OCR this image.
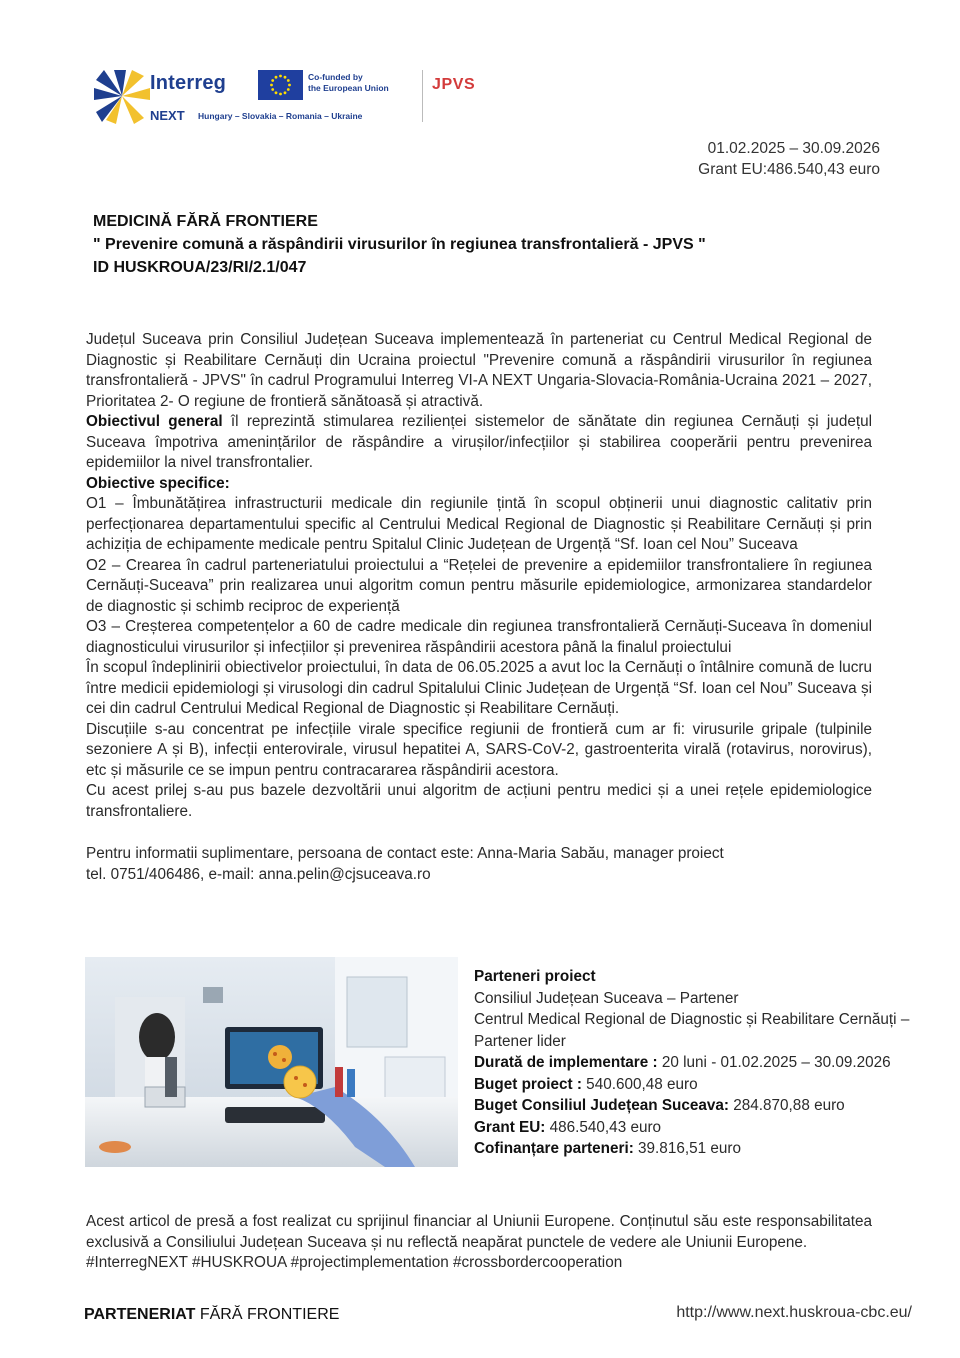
Interreg
NEXT Hungary – Slovakia – Romania – Ukraine
Co-funded by
the European Union	JPVS
01.02.2025 – 30.09.2026
Grant EU:486.540,43 euro
MEDICINĂ FĂRĂ FRONTIERE
" Prevenire comună a răspândirii virusurilor în regiunea transfrontalieră - JPVS "
ID HUSKROUA/23/RI/2.1/047

Județul Suceava prin Consiliul Județean Suceava implementează în parteneriat cu Centrul Medical Regional de Diagnostic și Reabilitare Cernăuți din Ucraina proiectul "Prevenire comună a răspândirii virusurilor în regiunea transfrontalieră - JPVS" în cadrul Programului Interreg VI-A NEXT Ungaria-Slovacia-România-Ucraina 2021 – 2027, Prioritatea 2- O regiune de frontieră sănătoasă și atractivă.

Obiectivul general îl reprezintă stimularea rezilienței sistemelor de sănătate din regiunea Cernăuți și județul Suceava împotriva amenințărilor de răspândire a virușilor/infecțiilor și stabilirea cooperării pentru prevenirea epidemiilor la nivel transfrontalier.

Obiective specifice:

O1 – Îmbunătățirea infrastructurii medicale din regiunile țintă în scopul obținerii unui diagnostic calitativ prin perfecționarea departamentului specific al Centrului Medical Regional de Diagnostic și Reabilitare Cernăuți și prin achiziția de echipamente medicale pentru Spitalul Clinic Județean de Urgență “Sf. Ioan cel Nou” Suceava

O2 – Crearea în cadrul parteneriatului proiectului a “Rețelei de prevenire a epidemiilor transfrontaliere în regiunea Cernăuți-Suceava” prin realizarea unui algoritm comun pentru măsurile epidemiologice, armonizarea standardelor de diagnostic și schimb reciproc de experiență

O3 – Creșterea competențelor a 60 de cadre medicale din regiunea transfrontalieră Cernăuți-Suceava în domeniul diagnosticului virusurilor și infecțiilor și prevenirea răspândirii acestora până la finalul proiectului

În scopul îndeplinirii obiectivelor proiectului, în data de 06.05.2025 a avut loc la Cernăuți o întâlnire comună de lucru între medicii epidemiologi și virusologi din cadrul Spitalului Clinic Județean de Urgență “Sf. Ioan cel Nou” Suceava și cei din cadrul Centrului Medical Regional de Diagnostic și Reabilitare Cernăuți.

Discuțiile s-au concentrat pe infecțiile virale specifice regiunii de frontieră cum ar fi: virusurile gripale (tulpinile sezoniere A și B), infecții enterovirale, virusul hepatitei A, SARS-CoV-2, gastroenterita virală (rotavirus, norovirus), etc și măsurile ce se impun pentru contracararea răspândirii acestora.

Cu acest prilej s-au pus bazele dezvoltării unui algoritm de acțiuni pentru medici și a unei rețele epidemiologice transfrontaliere.

Pentru informatii suplimentare, persoana de contact este: Anna-Maria Sabău, manager proiect

tel. 0751/406486, e-mail: anna.pelin@cjsuceava.ro

Parteneri proiect

Consiliul Județean Suceava – Partener

Centrul Medical Regional de Diagnostic și Reabilitare Cernăuți – Partener lider

Durată de implementare : 20 luni - 01.02.2025 – 30.09.2026

Buget proiect : 540.600,48 euro

Buget Consiliul Județean Suceava: 284.870,88 euro

Grant EU: 486.540,43 euro

Cofinanțare parteneri: 39.816,51 euro

Acest articol de presă a fost realizat cu sprijinul financiar al Uniunii Europene. Conținutul său este responsabilitatea exclusivă a Consiliului Județean Suceava și nu reflectă neapărat punctele de vedere ale Uniunii Europene.

#InterregNEXT #HUSKROUA #projectimplementation #crossbordercooperation

PARTENERIAT FĂRĂ FRONTIERE	http://www.next.huskroua-cbc.eu/
